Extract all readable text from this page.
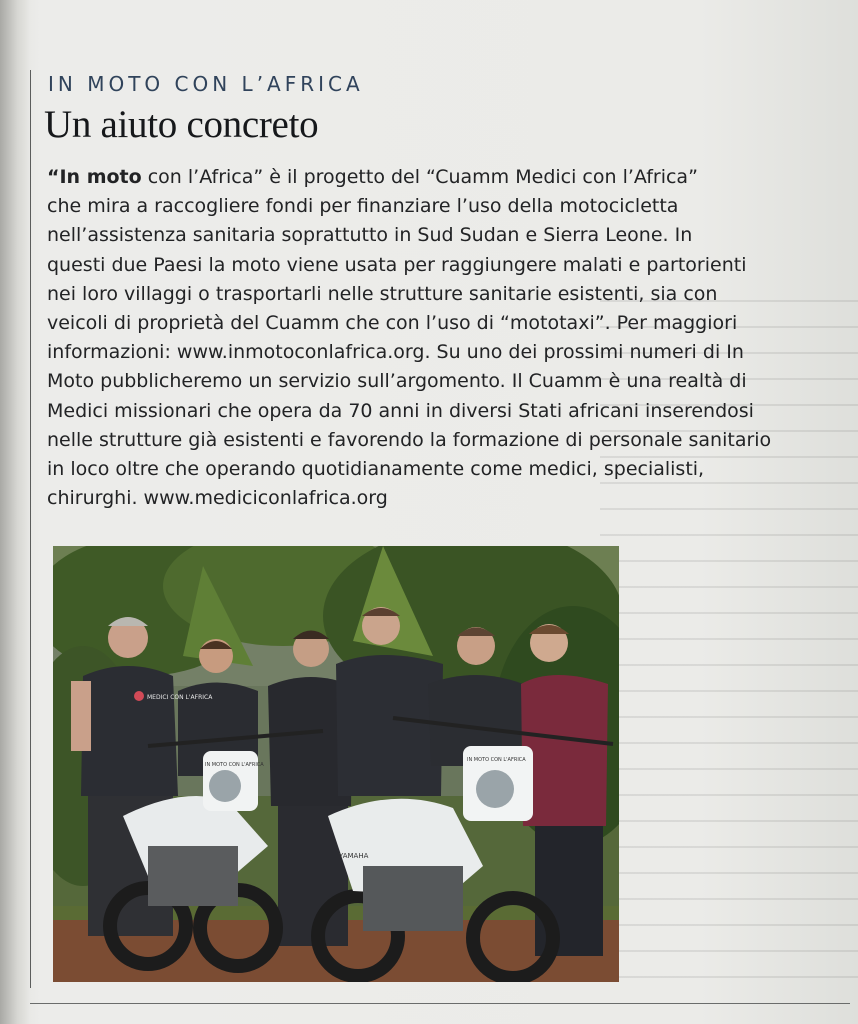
IN MOTO CON L’AFRICA
Un aiuto concreto
“In moto con l’Africa” è il progetto del “Cuamm Medici con l’Africa”
che mira a raccogliere fondi per finanziare l’uso della motocicletta
nell’assistenza sanitaria soprattutto in Sud Sudan e Sierra Leone. In
questi due Paesi la moto viene usata per raggiungere malati e partorienti
nei loro villaggi o trasportarli nelle strutture sanitarie esistenti, sia con
veicoli di proprietà del Cuamm che con l’uso di “mototaxi”. Per maggiori
informazioni: www.inmotoconlafrica.org. Su uno dei prossimi numeri di In
Moto pubblicheremo un servizio sull’argomento. Il Cuamm è una realtà di
Medici missionari che opera da 70 anni in diversi Stati africani inserendosi
nelle strutture già esistenti e favorendo la formazione di personale sanitario
in loco oltre che operando quotidianamente come medici, specialisti,
chirurghi. www.mediciconlafrica.org
MEDICI CON L'AFRICA
IN MOTO CON L'AFRICA
IN MOTO CON L'AFRICA
YAMAHA
